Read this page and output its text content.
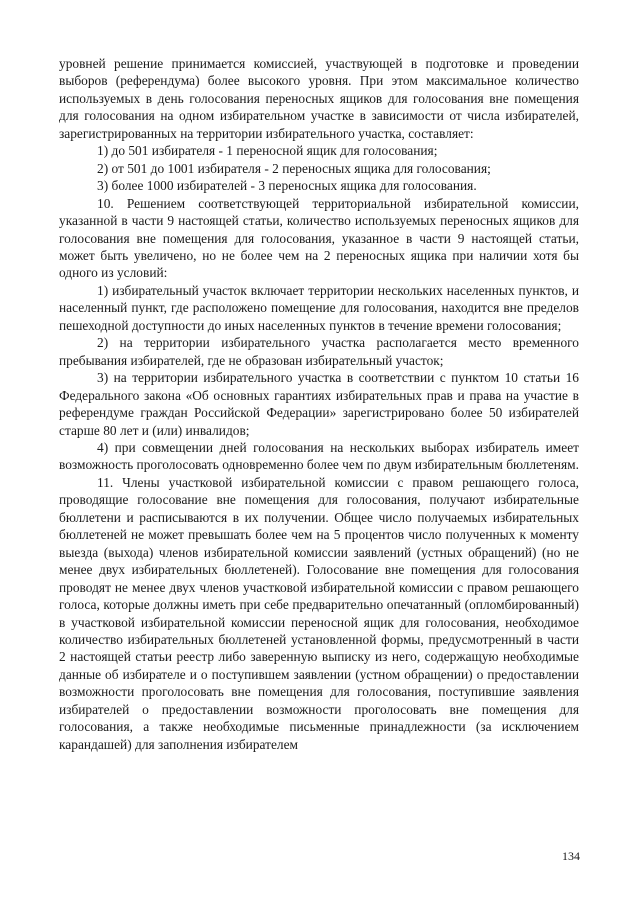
уровней решение принимается комиссией, участвующей в подготовке и проведении выборов (референдума) более высокого уровня. При этом максимальное количество используемых в день голосования переносных ящиков для голосования вне помещения для голосования на одном избирательном участке в зависимости от числа избирателей, зарегистрированных на территории избирательного участка, составляет:

1) до 501 избирателя - 1 переносной ящик для голосования;

2) от 501 до 1001 избирателя - 2 переносных ящика для голосования;

3) более 1000 избирателей - 3 переносных ящика для голосования.

10. Решением соответствующей территориальной избирательной комиссии, указанной в части 9 настоящей статьи, количество используемых переносных ящиков для голосования вне помещения для голосования, указанное в части 9 настоящей статьи, может быть увеличено, но не более чем на 2 переносных ящика при наличии хотя бы одного из условий:

1) избирательный участок включает территории нескольких населенных пунктов, и населенный пункт, где расположено помещение для голосования, находится вне пределов пешеходной доступности до иных населенных пунктов в течение времени голосования;

2) на территории избирательного участка располагается место временного пребывания избирателей, где не образован избирательный участок;

3) на территории избирательного участка в соответствии с пунктом 10 статьи 16 Федерального закона «Об основных гарантиях избирательных прав и права на участие в референдуме граждан Российской Федерации» зарегистрировано более 50 избирателей старше 80 лет и (или) инвалидов;

4) при совмещении дней голосования на нескольких выборах избиратель имеет возможность проголосовать одновременно более чем по двум избирательным бюллетеням.

11. Члены участковой избирательной комиссии с правом решающего голоса, проводящие голосование вне помещения для голосования, получают избирательные бюллетени и расписываются в их получении. Общее число получаемых избирательных бюллетеней не может превышать более чем на 5 процентов число полученных к моменту выезда (выхода) членов избирательной комиссии заявлений (устных обращений) (но не менее двух избирательных бюллетеней). Голосование вне помещения для голосования проводят не менее двух членов участковой избирательной комиссии с правом решающего голоса, которые должны иметь при себе предварительно опечатанный (опломбированный) в участковой избирательной комиссии переносной ящик для голосования, необходимое количество избирательных бюллетеней установленной формы, предусмотренный в части 2 настоящей статьи реестр либо заверенную выписку из него, содержащую необходимые данные об избирателе и о поступившем заявлении (устном обращении) о предоставлении возможности проголосовать вне помещения для голосования, поступившие заявления избирателей о предоставлении возможности проголосовать вне помещения для голосования, а также необходимые письменные принадлежности (за исключением карандашей) для заполнения избирателем

134
